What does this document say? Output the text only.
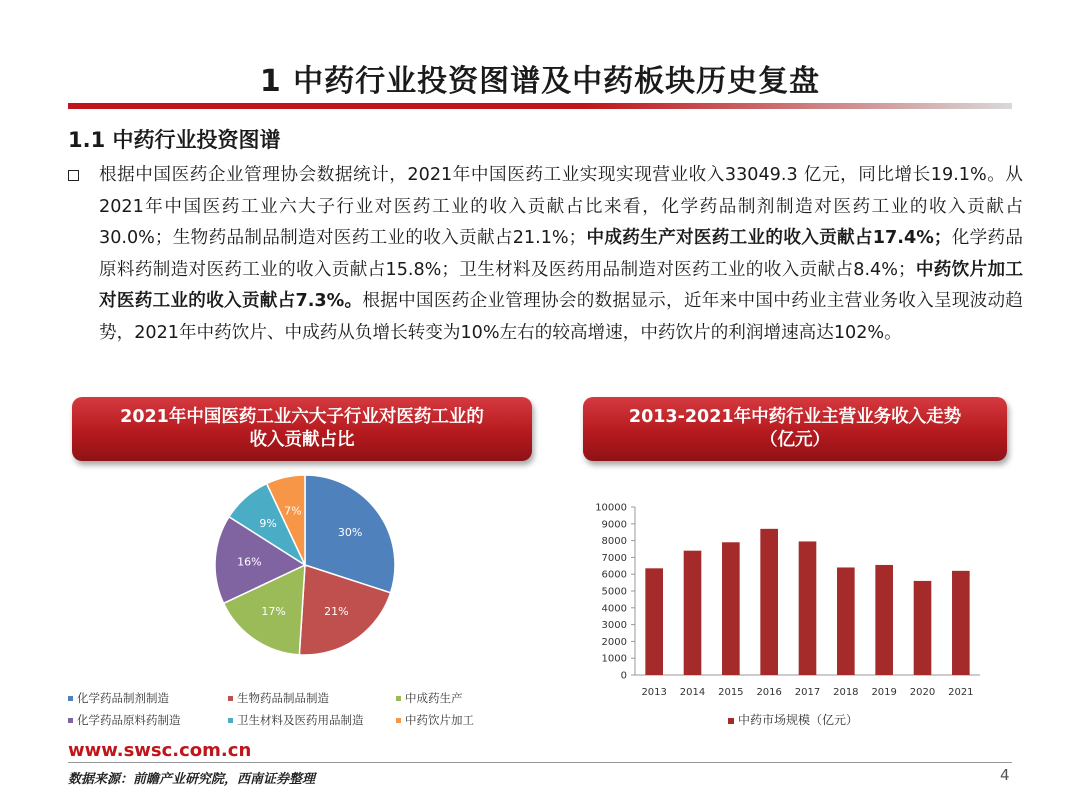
1 中药行业投资图谱及中药板块历史复盘
1.1 中药行业投资图谱
根据中国医药企业管理协会数据统计，2021年中国医药工业实现实现营业收入33049.3 亿元，同比增长19.1%。从2021年中国医药工业六大子行业对医药工业的收入贡献占比来看，化学药品制剂制造对医药工业的收入贡献占30.0%；生物药品制品制造对医药工业的收入贡献占21.1%；中成药生产对医药工业的收入贡献占17.4%；化学药品原料药制造对医药工业的收入贡献占15.8%；卫生材料及医药用品制造对医药工业的收入贡献占8.4%；中药饮片加工对医药工业的收入贡献占7.3%。根据中国医药企业管理协会的数据显示，近年来中国中药业主营业务收入呈现波动趋势，2021年中药饮片、中成药从负增长转变为10%左右的较高增速，中药饮片的利润增速高达102%。
2021年中国医药工业六大子行业对医药工业的
收入贡献占比
2013-2021年中药行业主营业务收入走势
（亿元）
30%
21%
17%
16%
9%
7%
化学药品制剂制造	生物药品制品制造	中成药生产
化学药品原料药制造	卫生材料及医药用品制造	中药饮片加工
0
1000
2000
3000
4000
5000
6000
7000
8000
9000
10000
2013 2014 2015 2016 2017 2018 2019 2020 2021
中药市场规模（亿元）
www.swsc.com.cn
数据来源：前瞻产业研究院，西南证券整理	4
